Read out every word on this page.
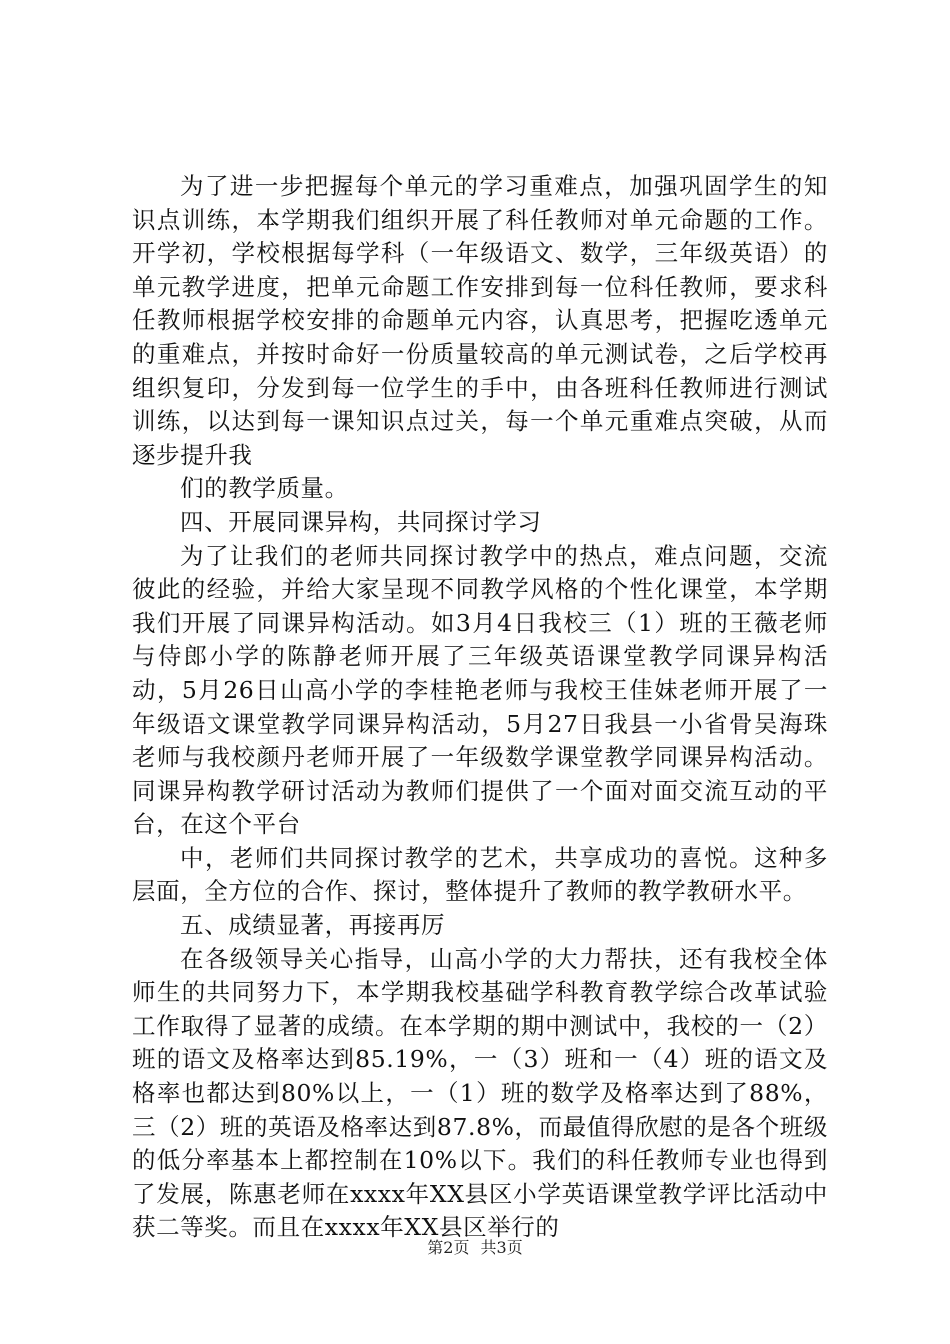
为了进一步把握每个单元的学习重难点，加强巩固学生的知识点训练，本学期我们组织开展了科任教师对单元命题的工作。开学初，学校根据每学科（一年级语文、数学，三年级英语）的单元教学进度，把单元命题工作安排到每一位科任教师，要求科任教师根据学校安排的命题单元内容，认真思考，把握吃透单元的重难点，并按时命好一份质量较高的单元测试卷，之后学校再组织复印，分发到每一位学生的手中，由各班科任教师进行测试训练，以达到每一课知识点过关，每一个单元重难点突破，从而逐步提升我

们的教学质量。

四、开展同课异构，共同探讨学习

为了让我们的老师共同探讨教学中的热点，难点问题，交流彼此的经验，并给大家呈现不同教学风格的个性化课堂，本学期我们开展了同课异构活动。如3月4日我校三（1）班的王薇老师与侍郎小学的陈静老师开展了三年级英语课堂教学同课异构活动，5月26日山高小学的李桂艳老师与我校王佳妹老师开展了一年级语文课堂教学同课异构活动，5月27日我县一小省骨吴海珠老师与我校颜丹老师开展了一年级数学课堂教学同课异构活动。同课异构教学研讨活动为教师们提供了一个面对面交流互动的平台，在这个平台

中，老师们共同探讨教学的艺术，共享成功的喜悦。这种多层面，全方位的合作、探讨，整体提升了教师的教学教研水平。

五、成绩显著，再接再厉

在各级领导关心指导，山高小学的大力帮扶，还有我校全体师生的共同努力下，本学期我校基础学科教育教学综合改革试验工作取得了显著的成绩。在本学期的期中测试中，我校的一（2）班的语文及格率达到85.19%，一（3）班和一（4）班的语文及格率也都达到80%以上，一（1）班的数学及格率达到了88%，三（2）班的英语及格率达到87.8%，而最值得欣慰的是各个班级的低分率基本上都控制在10%以下。我们的科任教师专业也得到了发展，陈惠老师在xxxx年XX县区小学英语课堂教学评比活动中获二等奖。而且在xxxx年XX县区举行的

第2页 共3页
